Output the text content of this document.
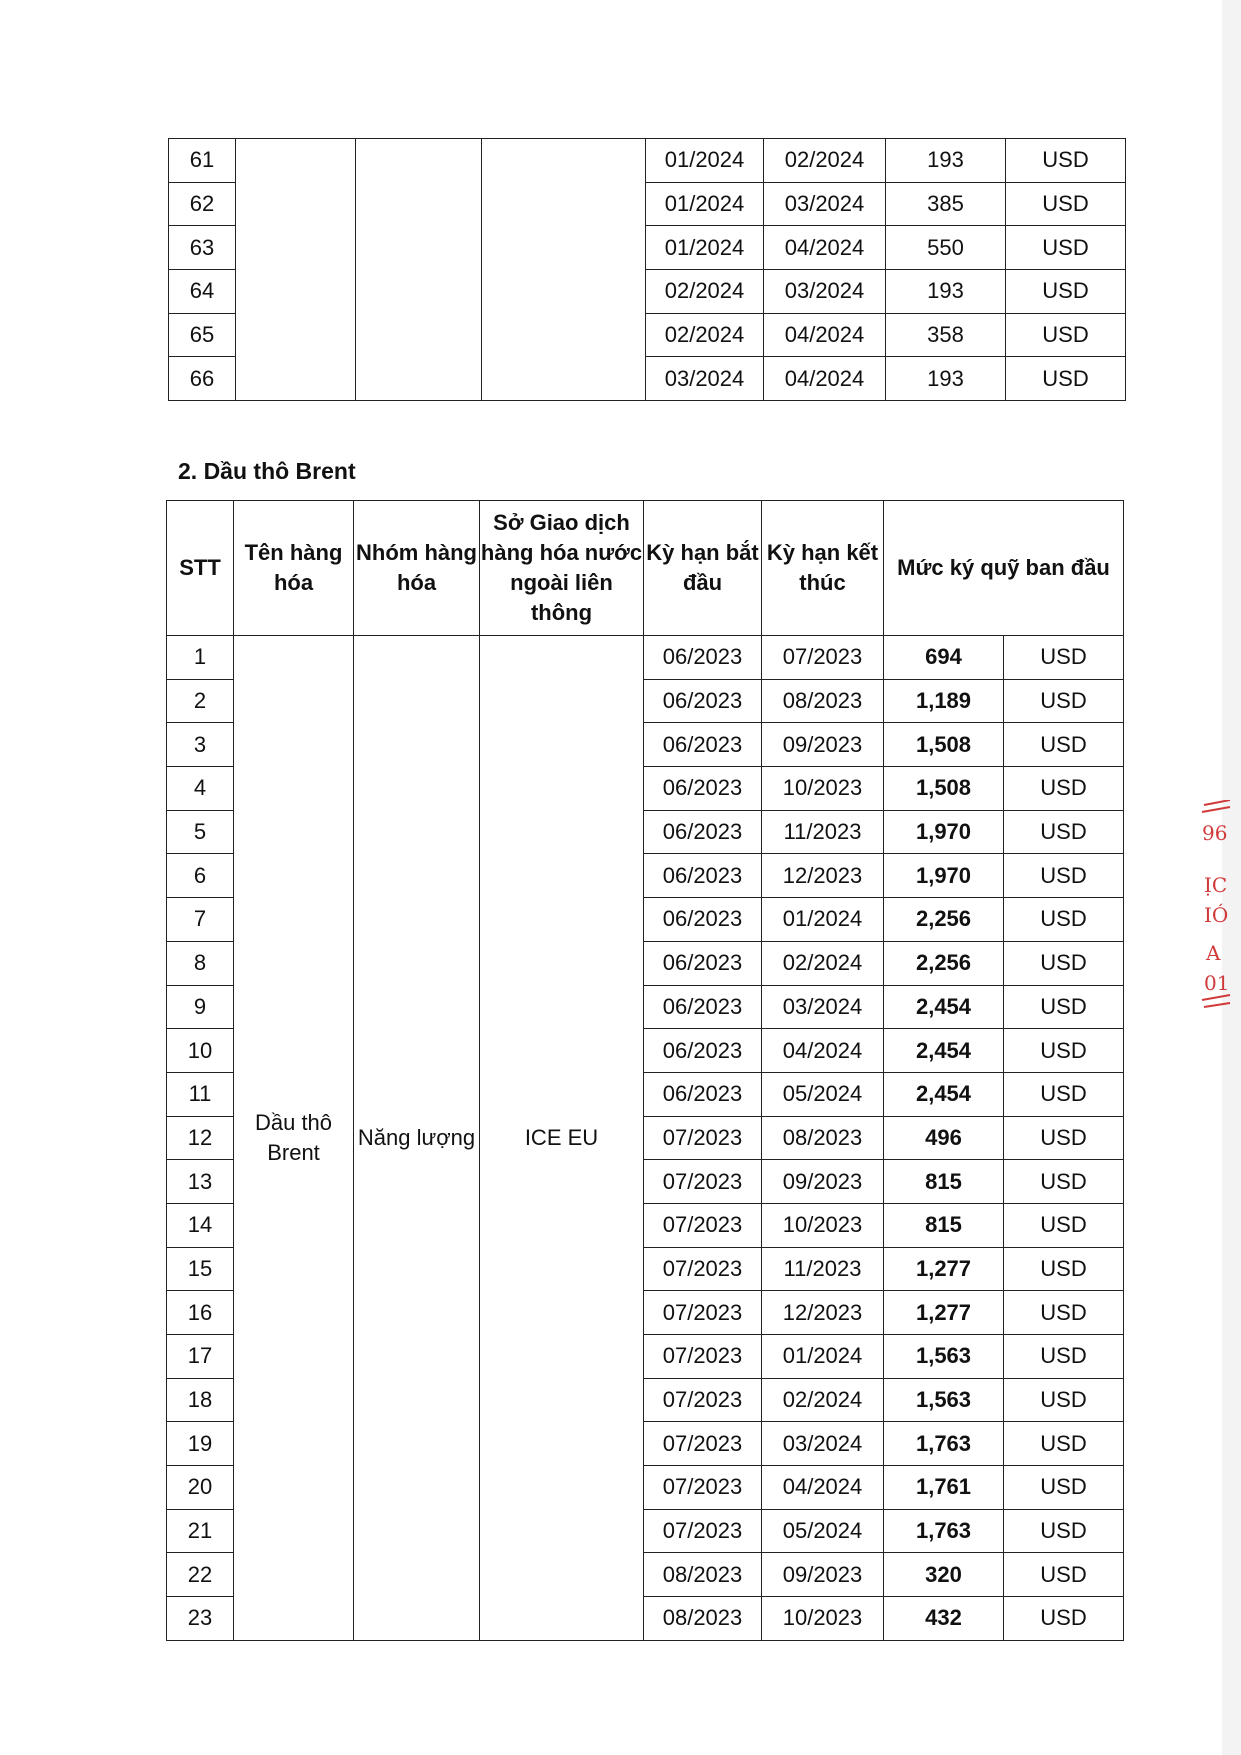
61				01/2024	02/2024	193	USD
62				01/2024	03/2024	385	USD
63				01/2024	04/2024	550	USD
64				02/2024	03/2024	193	USD
65				02/2024	04/2024	358	USD
66				03/2024	04/2024	193	USD
2. Dầu thô Brent
STT	Tên hàng hóa	Nhóm hàng hóa	Sở Giao dịch hàng hóa nước ngoài liên thông	Kỳ hạn bắt đầu	Kỳ hạn kết thúc	Mức ký quỹ ban đầu	
1	Dầu thô Brent	Năng lượng	ICE EU	06/2023	07/2023	694	USD
2				06/2023	08/2023	1,189	USD
3				06/2023	09/2023	1,508	USD
4				06/2023	10/2023	1,508	USD
5				06/2023	11/2023	1,970	USD
6				06/2023	12/2023	1,970	USD
7				06/2023	01/2024	2,256	USD
8				06/2023	02/2024	2,256	USD
9				06/2023	03/2024	2,454	USD
10				06/2023	04/2024	2,454	USD
11				06/2023	05/2024	2,454	USD
12				07/2023	08/2023	496	USD
13				07/2023	09/2023	815	USD
14				07/2023	10/2023	815	USD
15				07/2023	11/2023	1,277	USD
16				07/2023	12/2023	1,277	USD
17				07/2023	01/2024	1,563	USD
18				07/2023	02/2024	1,563	USD
19				07/2023	03/2024	1,763	USD
20				07/2023	04/2024	1,761	USD
21				07/2023	05/2024	1,763	USD
22				08/2023	09/2023	320	USD
23				08/2023	10/2023	432	USD
96
ỊC
IÓ
A
01
